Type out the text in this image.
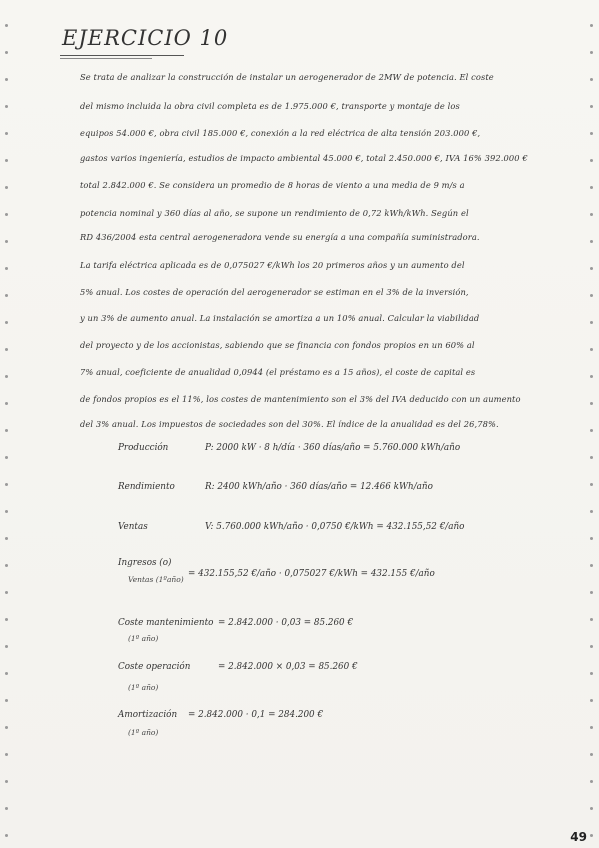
EJERCICIO 10
Se trata de analizar la construcción de instalar un aerogenerador de 2MW de potencia. El coste
del mismo incluida la obra civil completa es de 1.975.000 €, transporte y montaje de los
equipos 54.000 €, obra civil 185.000 €, conexión a la red eléctrica de alta tensión 203.000 €,
gastos varios ingeniería, estudios de impacto ambiental 45.000 €, total 2.450.000 €, IVA 16% 392.000 €
total 2.842.000 €. Se considera un promedio de 8 horas de viento a una media de 9 m/s a
potencia nominal y 360 días al año, se supone un rendimiento de 0,72 kWh/kWh. Según el
RD 436/2004 esta central aerogeneradora vende su energía a una compañía suministradora.
La tarifa eléctrica aplicada es de 0,075027 €/kWh los 20 primeros años y un aumento del
5% anual. Los costes de operación del aerogenerador se estiman en el 3% de la inversión,
y un 3% de aumento anual. La instalación se amortiza a un 10% anual. Calcular la viabilidad
del proyecto y de los accionistas, sabiendo que se financia con fondos propios en un 60% al
7% anual, coeficiente de anualidad 0,0944 (el préstamo es a 15 años), el coste de capital es
de fondos propios es el 11%, los costes de mantenimiento son el 3% del IVA deducido con un aumento
del 3% anual. Los impuestos de sociedades son del 30%. El índice de la anualidad es del 26,78%.
Producción	P: 2000 kW · 8 h/día · 360 días/año = 5.760.000 kWh/año
Rendimiento	R: 2400 kWh/año · 360 días/año = 12.466 kWh/año
Ventas	V: 5.760.000 kWh/año · 0,0750 €/kWh = 432.155,52 €/año
Ingresos (o)
Ventas (1ºaño)
= 432.155,52 €/año · 0,075027 €/kWh = 432.155 €/año
Coste mantenimiento
(1º año)
= 2.842.000 · 0,03 = 85.260 €
Coste operación
(1º año)
= 2.842.000 × 0,03 = 85.260 €
Amortización
(1º año)
= 2.842.000 · 0,1 = 284.200 €
49
